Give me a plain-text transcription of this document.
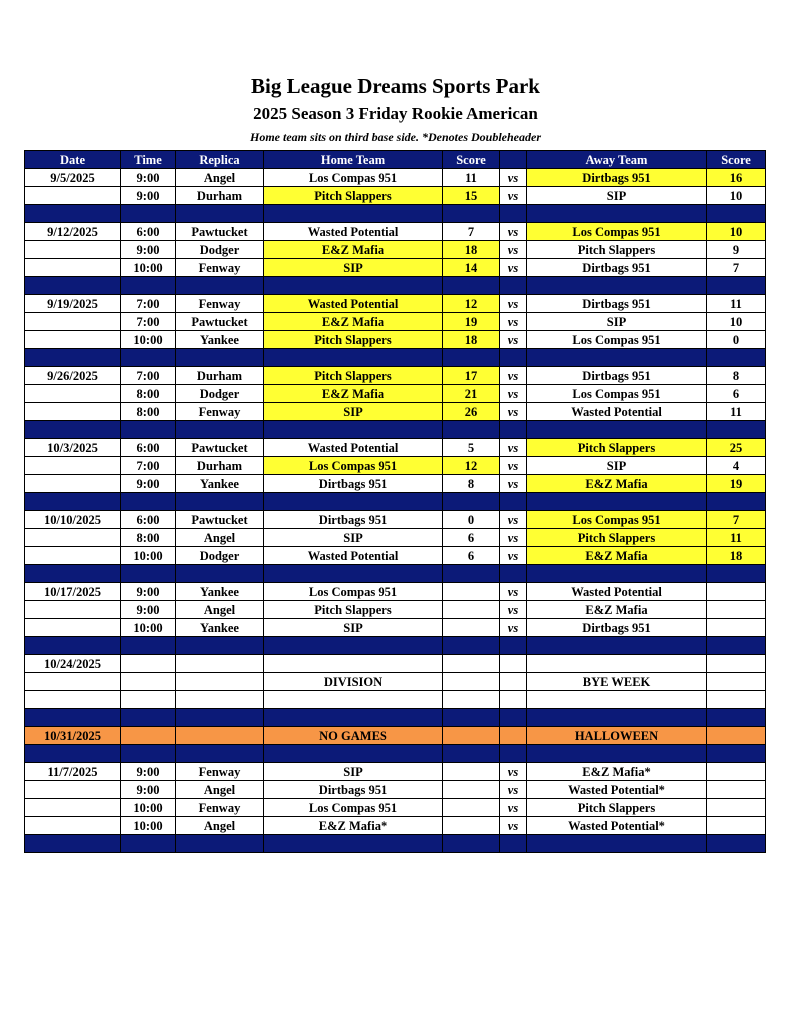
Big League Dreams Sports Park
2025 Season 3 Friday Rookie American
Home team sits on third base side. *Denotes Doubleheader
Date	Time	Replica	Home Team	Score		Away Team	Score
9/5/2025	9:00	Angel	Los Compas 951	11	vs	Dirtbags 951	16
	9:00	Durham	Pitch Slappers	15	vs	SIP	10

9/12/2025	6:00	Pawtucket	Wasted Potential	7	vs	Los Compas 951	10
	9:00	Dodger	E&Z Mafia	18	vs	Pitch Slappers	9
	10:00	Fenway	SIP	14	vs	Dirtbags 951	7

9/19/2025	7:00	Fenway	Wasted Potential	12	vs	Dirtbags 951	11
	7:00	Pawtucket	E&Z Mafia	19	vs	SIP	10
	10:00	Yankee	Pitch Slappers	18	vs	Los Compas 951	0

9/26/2025	7:00	Durham	Pitch Slappers	17	vs	Dirtbags 951	8
	8:00	Dodger	E&Z Mafia	21	vs	Los Compas 951	6
	8:00	Fenway	SIP	26	vs	Wasted Potential	11

10/3/2025	6:00	Pawtucket	Wasted Potential	5	vs	Pitch Slappers	25
	7:00	Durham	Los Compas 951	12	vs	SIP	4
	9:00	Yankee	Dirtbags 951	8	vs	E&Z Mafia	19

10/10/2025	6:00	Pawtucket	Dirtbags 951	0	vs	Los Compas 951	7
	8:00	Angel	SIP	6	vs	Pitch Slappers	11
	10:00	Dodger	Wasted Potential	6	vs	E&Z Mafia	18

10/17/2025	9:00	Yankee	Los Compas 951		vs	Wasted Potential	
	9:00	Angel	Pitch Slappers		vs	E&Z Mafia	
	10:00	Yankee	SIP		vs	Dirtbags 951	

10/24/2025							
			DIVISION			BYE WEEK	

10/31/2025			NO GAMES			HALLOWEEN	

11/7/2025	9:00	Fenway	SIP		vs	E&Z Mafia*	
	9:00	Angel	Dirtbags 951		vs	Wasted Potential*	
	10:00	Fenway	Los Compas 951		vs	Pitch Slappers	
	10:00	Angel	E&Z Mafia*		vs	Wasted Potential*	
